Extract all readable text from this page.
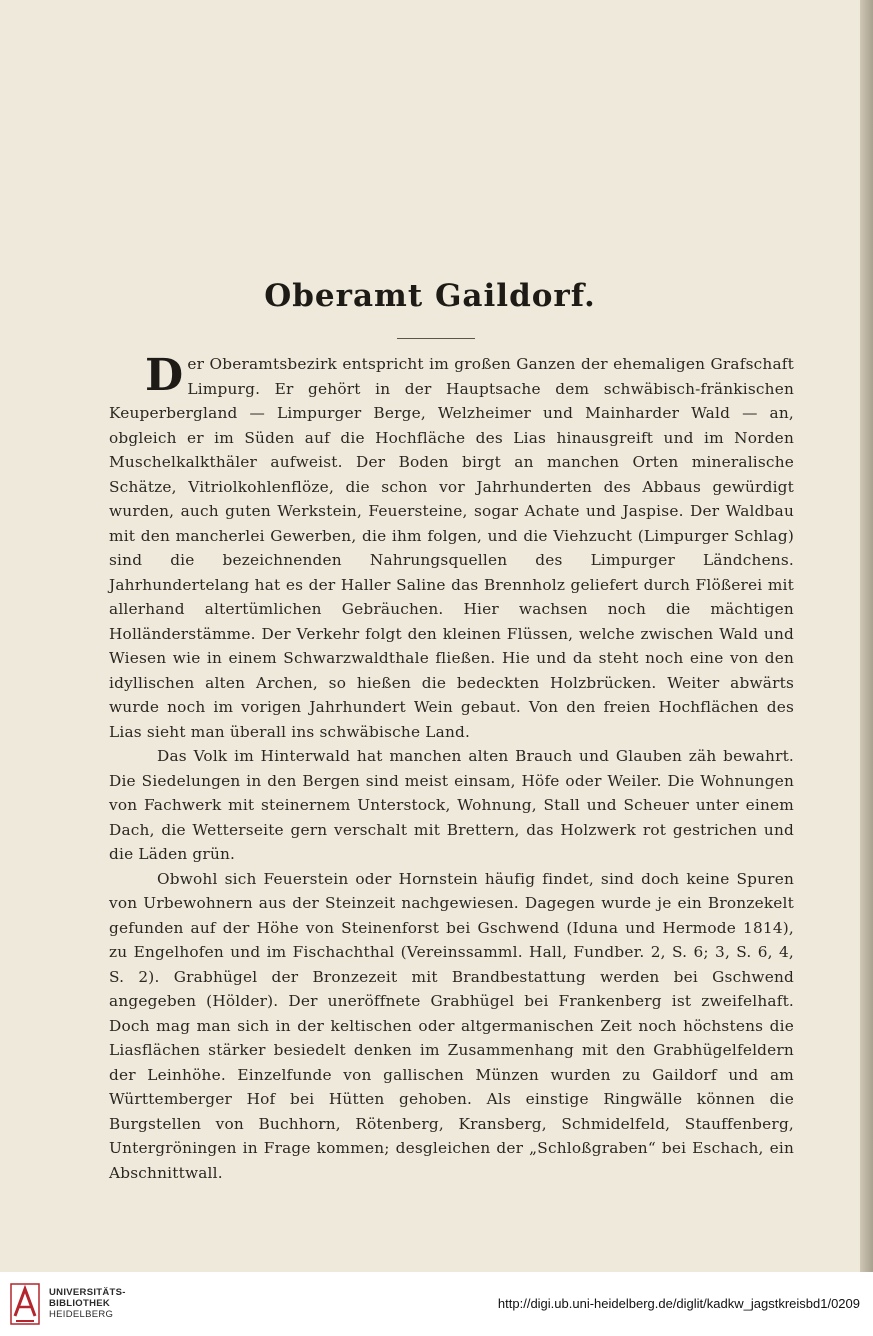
Oberamt Gaildorf.

Der Oberamtsbezirk entspricht im großen Ganzen der ehemaligen Grafschaft Limpurg. Er gehört in der Hauptsache dem schwäbisch-fränkischen Keuperbergland — Limpurger Berge, Welzheimer und Mainharder Wald — an, obgleich er im Süden auf die Hochfläche des Lias hinausgreift und im Norden Muschelkalkthäler aufweist. Der Boden birgt an manchen Orten mineralische Schätze, Vitriolkohlenflöze, die schon vor Jahrhunderten des Abbaus gewürdigt wurden, auch guten Werkstein, Feuersteine, sogar Achate und Jaspise. Der Waldbau mit den mancherlei Gewerben, die ihm folgen, und die Viehzucht (Limpurger Schlag) sind die bezeichnenden Nahrungsquellen des Limpurger Ländchens. Jahrhundertelang hat es der Haller Saline das Brennholz geliefert durch Flößerei mit allerhand altertümlichen Gebräuchen. Hier wachsen noch die mächtigen Holländerstämme. Der Verkehr folgt den kleinen Flüssen, welche zwischen Wald und Wiesen wie in einem Schwarzwaldthale fließen. Hie und da steht noch eine von den idyllischen alten Archen, so hießen die bedeckten Holzbrücken. Weiter abwärts wurde noch im vorigen Jahrhundert Wein gebaut. Von den freien Hochflächen des Lias sieht man überall ins schwäbische Land.

Das Volk im Hinterwald hat manchen alten Brauch und Glauben zäh bewahrt. Die Siedelungen in den Bergen sind meist einsam, Höfe oder Weiler. Die Wohnungen von Fachwerk mit steinernem Unterstock, Wohnung, Stall und Scheuer unter einem Dach, die Wetterseite gern verschalt mit Brettern, das Holzwerk rot gestrichen und die Läden grün.

Obwohl sich Feuerstein oder Hornstein häufig findet, sind doch keine Spuren von Urbewohnern aus der Steinzeit nachgewiesen. Dagegen wurde je ein Bronzekelt gefunden auf der Höhe von Steinenforst bei Gschwend (Iduna und Hermode 1814), zu Engelhofen und im Fischachthal (Vereinssamml. Hall, Fundber. 2, S. 6; 3, S. 6, 4, S. 2). Grabhügel der Bronzezeit mit Brandbestattung werden bei Gschwend angegeben (Hölder). Der uneröffnete Grabhügel bei Frankenberg ist zweifelhaft. Doch mag man sich in der keltischen oder altgermanischen Zeit noch höchstens die Liasflächen stärker besiedelt denken im Zusammenhang mit den Grabhügelfeldern der Leinhöhe. Einzelfunde von gallischen Münzen wurden zu Gaildorf und am Württemberger Hof bei Hütten gehoben. Als einstige Ringwälle können die Burgstellen von Buchhorn, Rötenberg, Kransberg, Schmidelfeld, Stauffenberg, Untergröningen in Frage kommen; desgleichen der „Schloßgraben“ bei Eschach, ein Abschnittwall.

UNIVERSITÄTS-
BIBLIOTHEK
HEIDELBERG
http://digi.ub.uni-heidelberg.de/diglit/kadkw_jagstkreisbd1/0209
